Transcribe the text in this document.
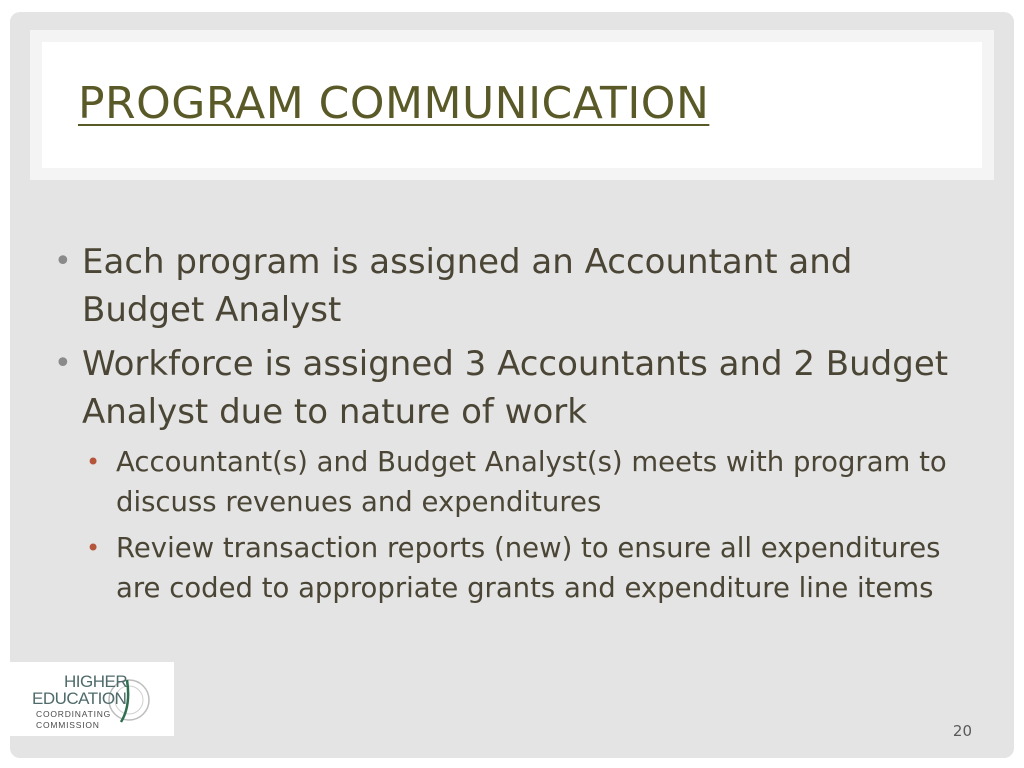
PROGRAM COMMUNICATION
• Each program is assigned an Accountant and Budget Analyst
• Workforce is assigned 3 Accountants and 2 Budget Analyst due to nature of work
• Accountant(s) and Budget Analyst(s) meets with program to discuss revenues and expenditures
• Review transaction reports (new) to ensure all expenditures are coded to appropriate grants and expenditure line items
20
HIGHER
EDUCATION
COORDINATING
COMMISSION
